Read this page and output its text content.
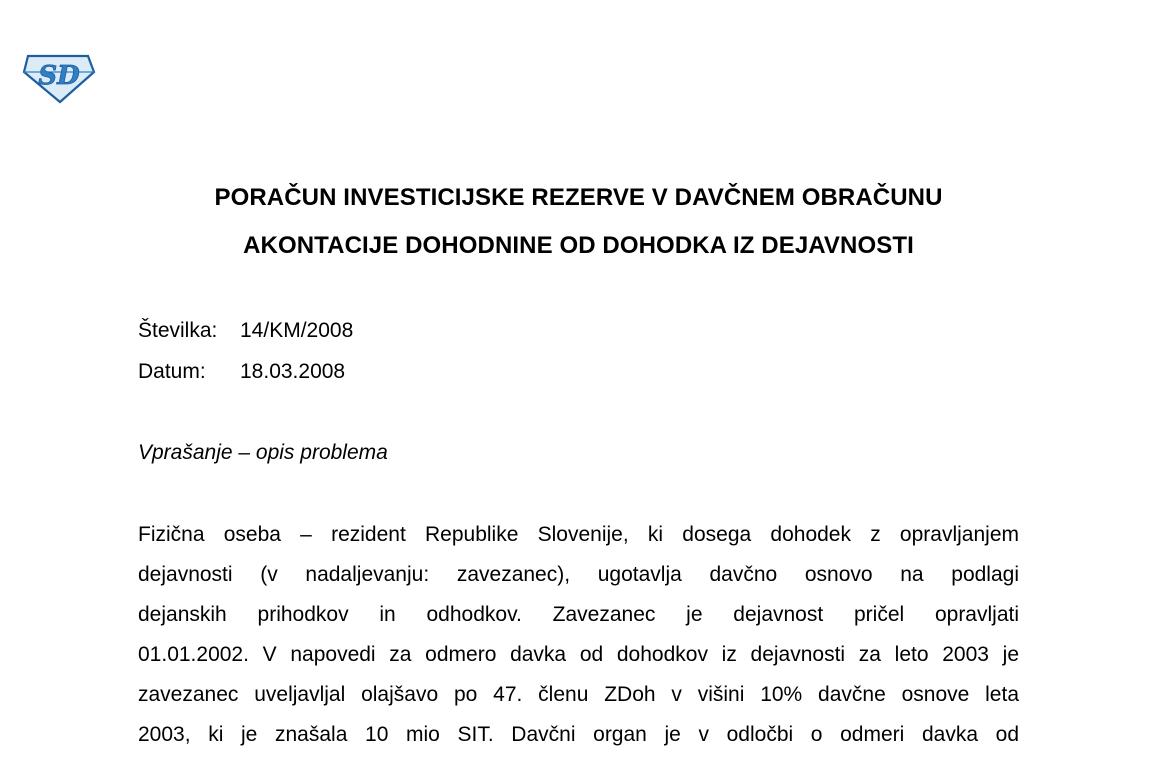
SD
PORAČUN INVESTICIJSKE REZERVE V DAVČNEM OBRAČUNU
AKONTACIJE DOHODNINE OD DOHODKA IZ DEJAVNOSTI
Številka: 14/KM/2008
Datum: 18.03.2008
Vprašanje – opis problema
Fizična oseba – rezident Republike Slovenije, ki dosega dohodek z opravljanjem
dejavnosti (v nadaljevanju: zavezanec), ugotavlja davčno osnovo na podlagi
dejanskih prihodkov in odhodkov. Zavezanec je dejavnost pričel opravljati
01.01.2002. V napovedi za odmero davka od dohodkov iz dejavnosti za leto 2003 je
zavezanec uveljavljal olajšavo po 47. členu ZDoh v višini 10% davčne osnove leta
2003, ki je znašala 10 mio SIT. Davčni organ je v odločbi o odmeri davka od
